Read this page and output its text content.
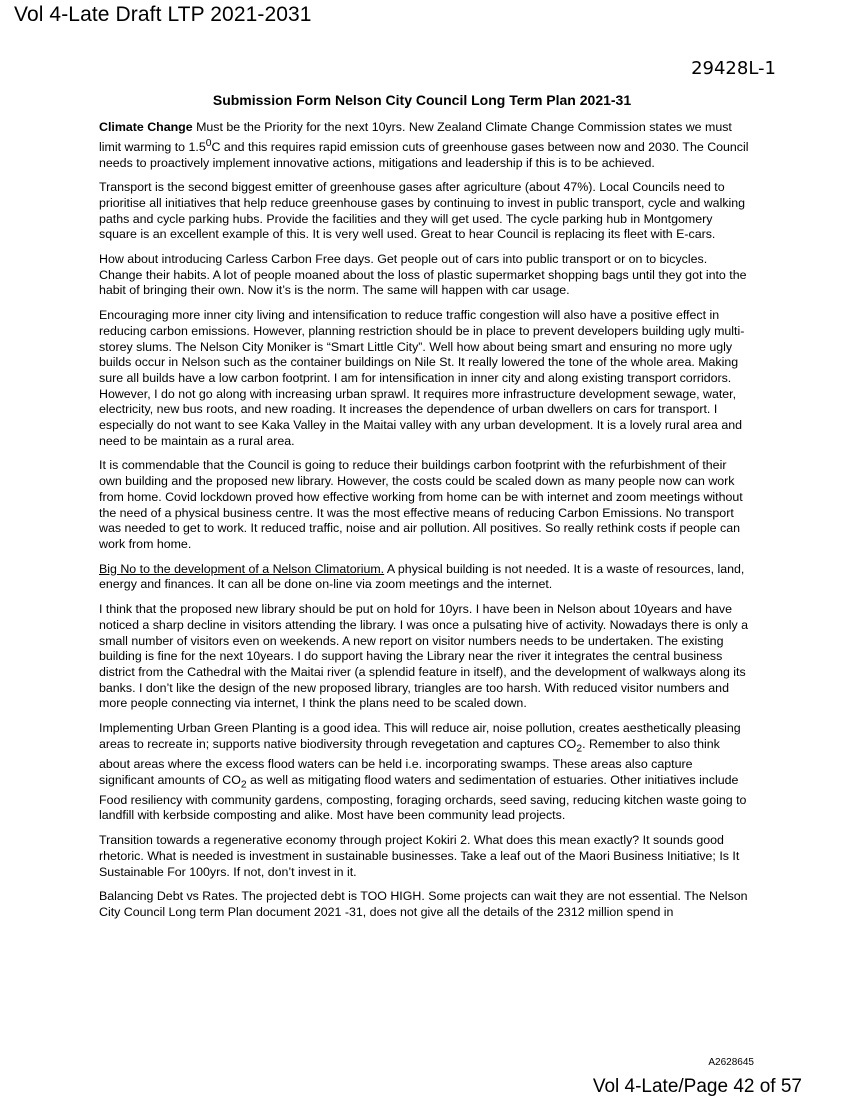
Vol 4-Late Draft LTP 2021-2031
29428L-1
Submission Form Nelson City Council Long Term Plan 2021-31

Climate Change Must be the Priority for the next 10yrs. New Zealand Climate Change Commission states we must limit warming to $1.5^0C$ and this requires rapid emission cuts of greenhouse gases between now and 2030. The Council needs to proactively implement innovative actions, mitigations and leadership if this is to be achieved.

Transport is the second biggest emitter of greenhouse gases after agriculture (about 47%). Local Councils need to prioritise all initiatives that help reduce greenhouse gases by continuing to invest in public transport, cycle and walking paths and cycle parking hubs. Provide the facilities and they will get used. The cycle parking hub in Montgomery square is an excellent example of this. It is very well used. Great to hear Council is replacing its fleet with E-cars.

How about introducing Carless Carbon Free days. Get people out of cars into public transport or on to bicycles. Change their habits. A lot of people moaned about the loss of plastic supermarket shopping bags until they got into the habit of bringing their own. Now it’s is the norm. The same will happen with car usage.

Encouraging more inner city living and intensification to reduce traffic congestion will also have a positive effect in reducing carbon emissions. However, planning restriction should be in place to prevent developers building ugly multi-storey slums. The Nelson City Moniker is “Smart Little City”. Well how about being smart and ensuring no more ugly builds occur in Nelson such as the container buildings on Nile St. It really lowered the tone of the whole area. Making sure all builds have a low carbon footprint. I am for intensification in inner city and along existing transport corridors. However, I do not go along with increasing urban sprawl. It requires more infrastructure development sewage, water, electricity, new bus roots, and new roading. It increases the dependence of urban dwellers on cars for transport. I especially do not want to see Kaka Valley in the Maitai valley with any urban development. It is a lovely rural area and need to be maintain as a rural area.

It is commendable that the Council is going to reduce their buildings carbon footprint with the refurbishment of their own building and the proposed new library. However, the costs could be scaled down as many people now can work from home. Covid lockdown proved how effective working from home can be with internet and zoom meetings without the need of a physical business centre. It was the most effective means of reducing Carbon Emissions. No transport was needed to get to work. It reduced traffic, noise and air pollution. All positives. So really rethink costs if people can work from home.

Big No to the development of a Nelson Climatorium. A physical building is not needed. It is a waste of resources, land, energy and finances. It can all be done on-line via zoom meetings and the internet.

I think that the proposed new library should be put on hold for 10yrs. I have been in Nelson about 10years and have noticed a sharp decline in visitors attending the library. I was once a pulsating hive of activity. Nowadays there is only a small number of visitors even on weekends. A new report on visitor numbers needs to be undertaken. The existing building is fine for the next 10years. I do support having the Library near the river it integrates the central business district from the Cathedral with the Maitai river (a splendid feature in itself), and the development of walkways along its banks. I don’t like the design of the new proposed library, triangles are too harsh. With reduced visitor numbers and more people connecting via internet, I think the plans need to be scaled down.

Implementing Urban Green Planting is a good idea. This will reduce air, noise pollution, creates aesthetically pleasing areas to recreate in; supports native biodiversity through revegetation and captures $CO_2$. Remember to also think about areas where the excess flood waters can be held i.e. incorporating swamps. These areas also capture significant amounts of $CO_2$ as well as mitigating flood waters and sedimentation of estuaries. Other initiatives include Food resiliency with community gardens, composting, foraging orchards, seed saving, reducing kitchen waste going to landfill with kerbside composting and alike. Most have been community lead projects.

Transition towards a regenerative economy through project Kokiri 2. What does this mean exactly? It sounds good rhetoric. What is needed is investment in sustainable businesses. Take a leaf out of the Maori Business Initiative; Is It Sustainable For 100yrs. If not, don’t invest in it.

Balancing Debt vs Rates. The projected debt is TOO HIGH. Some projects can wait they are not essential. The Nelson City Council Long term Plan document 2021 -31, does not give all the details of the 2312 million spend in

A2628645
Vol 4-Late/Page 42 of 57
